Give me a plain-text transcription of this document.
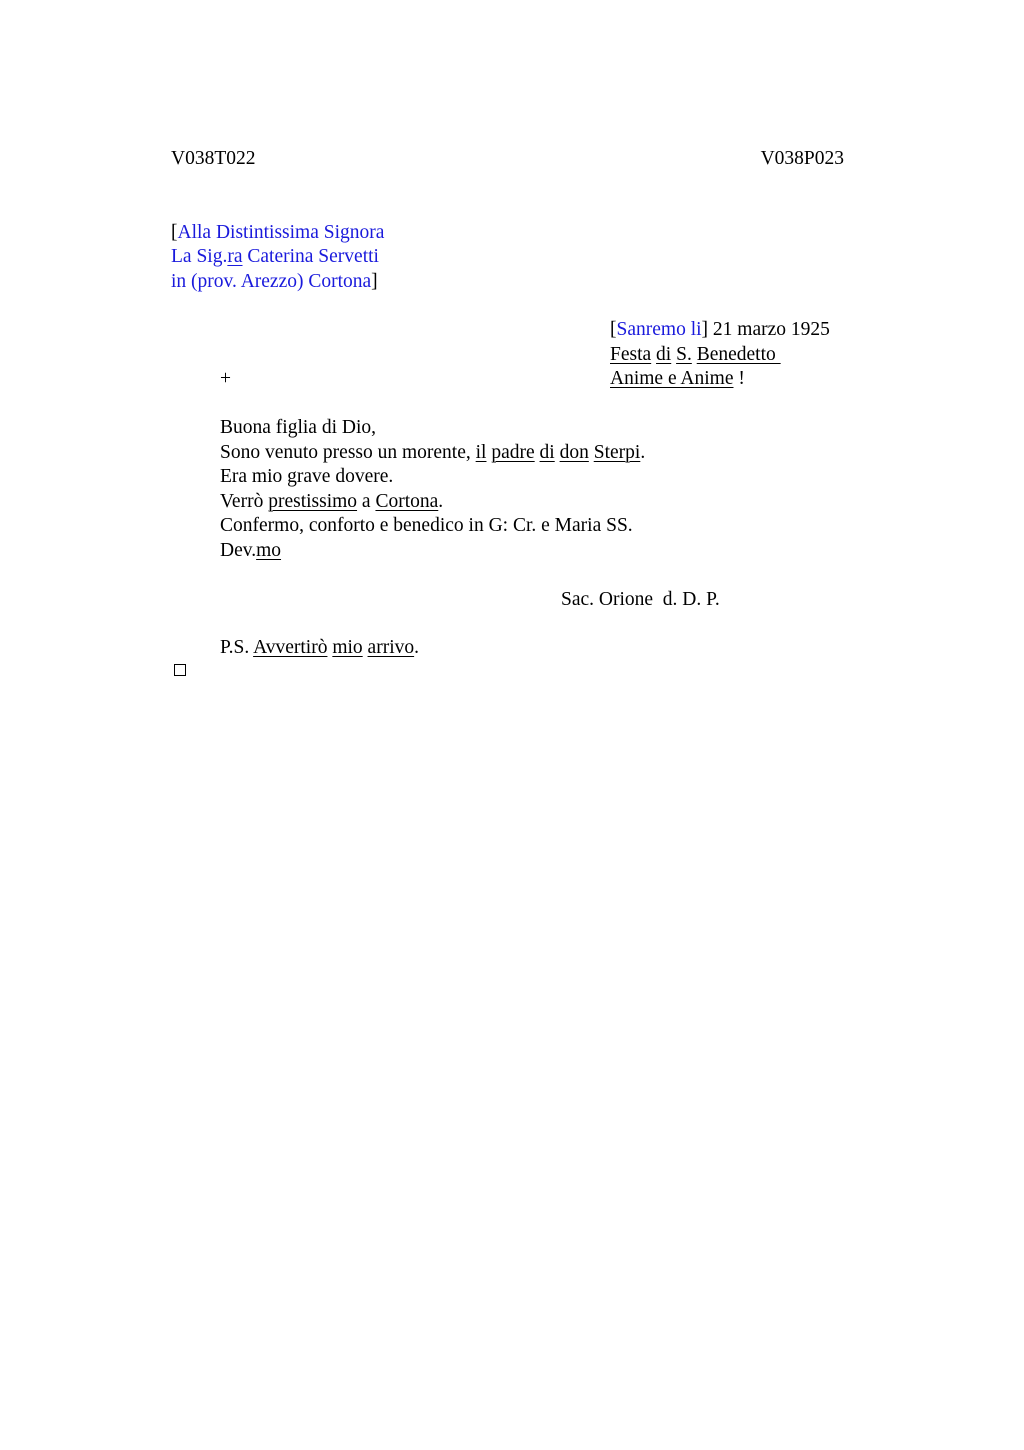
V038T022	V038P023
[Alla Distintissima Signora
La Sig.ra Caterina Servetti
in (prov. Arezzo) Cortona]
[Sanremo li] 21 marzo 1925
Festa di S. Benedetto
Anime e Anime !
+
Buona figlia di Dio,
Sono venuto presso un morente, il padre di don Sterpi.
Era mio grave dovere.
Verrò prestissimo a Cortona.
Confermo, conforto e benedico in G: Cr. e Maria SS.
Dev.mo
Sac. Orione  d. D. P.
P.S. Avvertirò mio arrivo.
